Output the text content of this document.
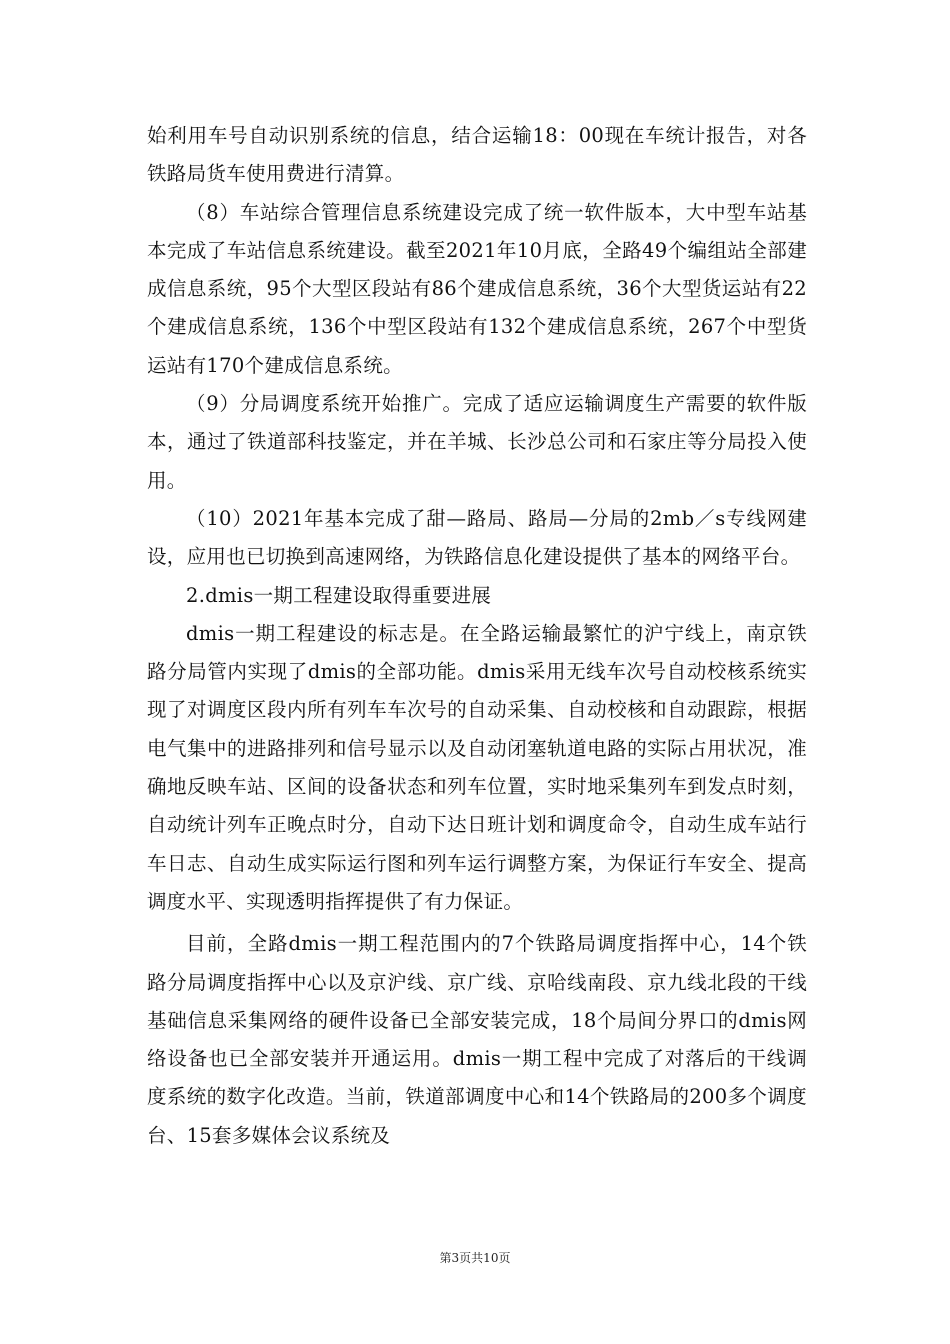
始利用车号自动识别系统的信息，结合运输18：00现在车统计报告，对各铁路局货车使用费进行清算。

（8）车站综合管理信息系统建设完成了统一软件版本，大中型车站基本完成了车站信息系统建设。截至2021年10月底，全路49个编组站全部建成信息系统，95个大型区段站有86个建成信息系统，36个大型货运站有22个建成信息系统，136个中型区段站有132个建成信息系统，267个中型货运站有170个建成信息系统。

（9）分局调度系统开始推广。完成了适应运输调度生产需要的软件版本，通过了铁道部科技鉴定，并在羊城、长沙总公司和石家庄等分局投入使用。

（10）2021年基本完成了甜—路局、路局—分局的2mb／s专线网建设，应用也已切换到高速网络，为铁路信息化建设提供了基本的网络平台。

2.dmis一期工程建设取得重要进展

dmis一期工程建设的标志是。在全路运输最繁忙的沪宁线上，南京铁路分局管内实现了dmis的全部功能。dmis采用无线车次号自动校核系统实现了对调度区段内所有列车车次号的自动采集、自动校核和自动跟踪，根据电气集中的进路排列和信号显示以及自动闭塞轨道电路的实际占用状况，准确地反映车站、区间的设备状态和列车位置，实时地采集列车到发点时刻，自动统计列车正晚点时分，自动下达日班计划和调度命令，自动生成车站行车日志、自动生成实际运行图和列车运行调整方案，为保证行车安全、提高调度水平、实现透明指挥提供了有力保证。

目前，全路dmis一期工程范围内的7个铁路局调度指挥中心，14个铁路分局调度指挥中心以及京沪线、京广线、京哈线南段、京九线北段的干线基础信息采集网络的硬件设备已全部安装完成，18个局间分界口的dmis网络设备也已全部安装并开通运用。dmis一期工程中完成了对落后的干线调度系统的数字化改造。当前，铁道部调度中心和14个铁路局的200多个调度台、15套多媒体会议系统及

第3页共10页
